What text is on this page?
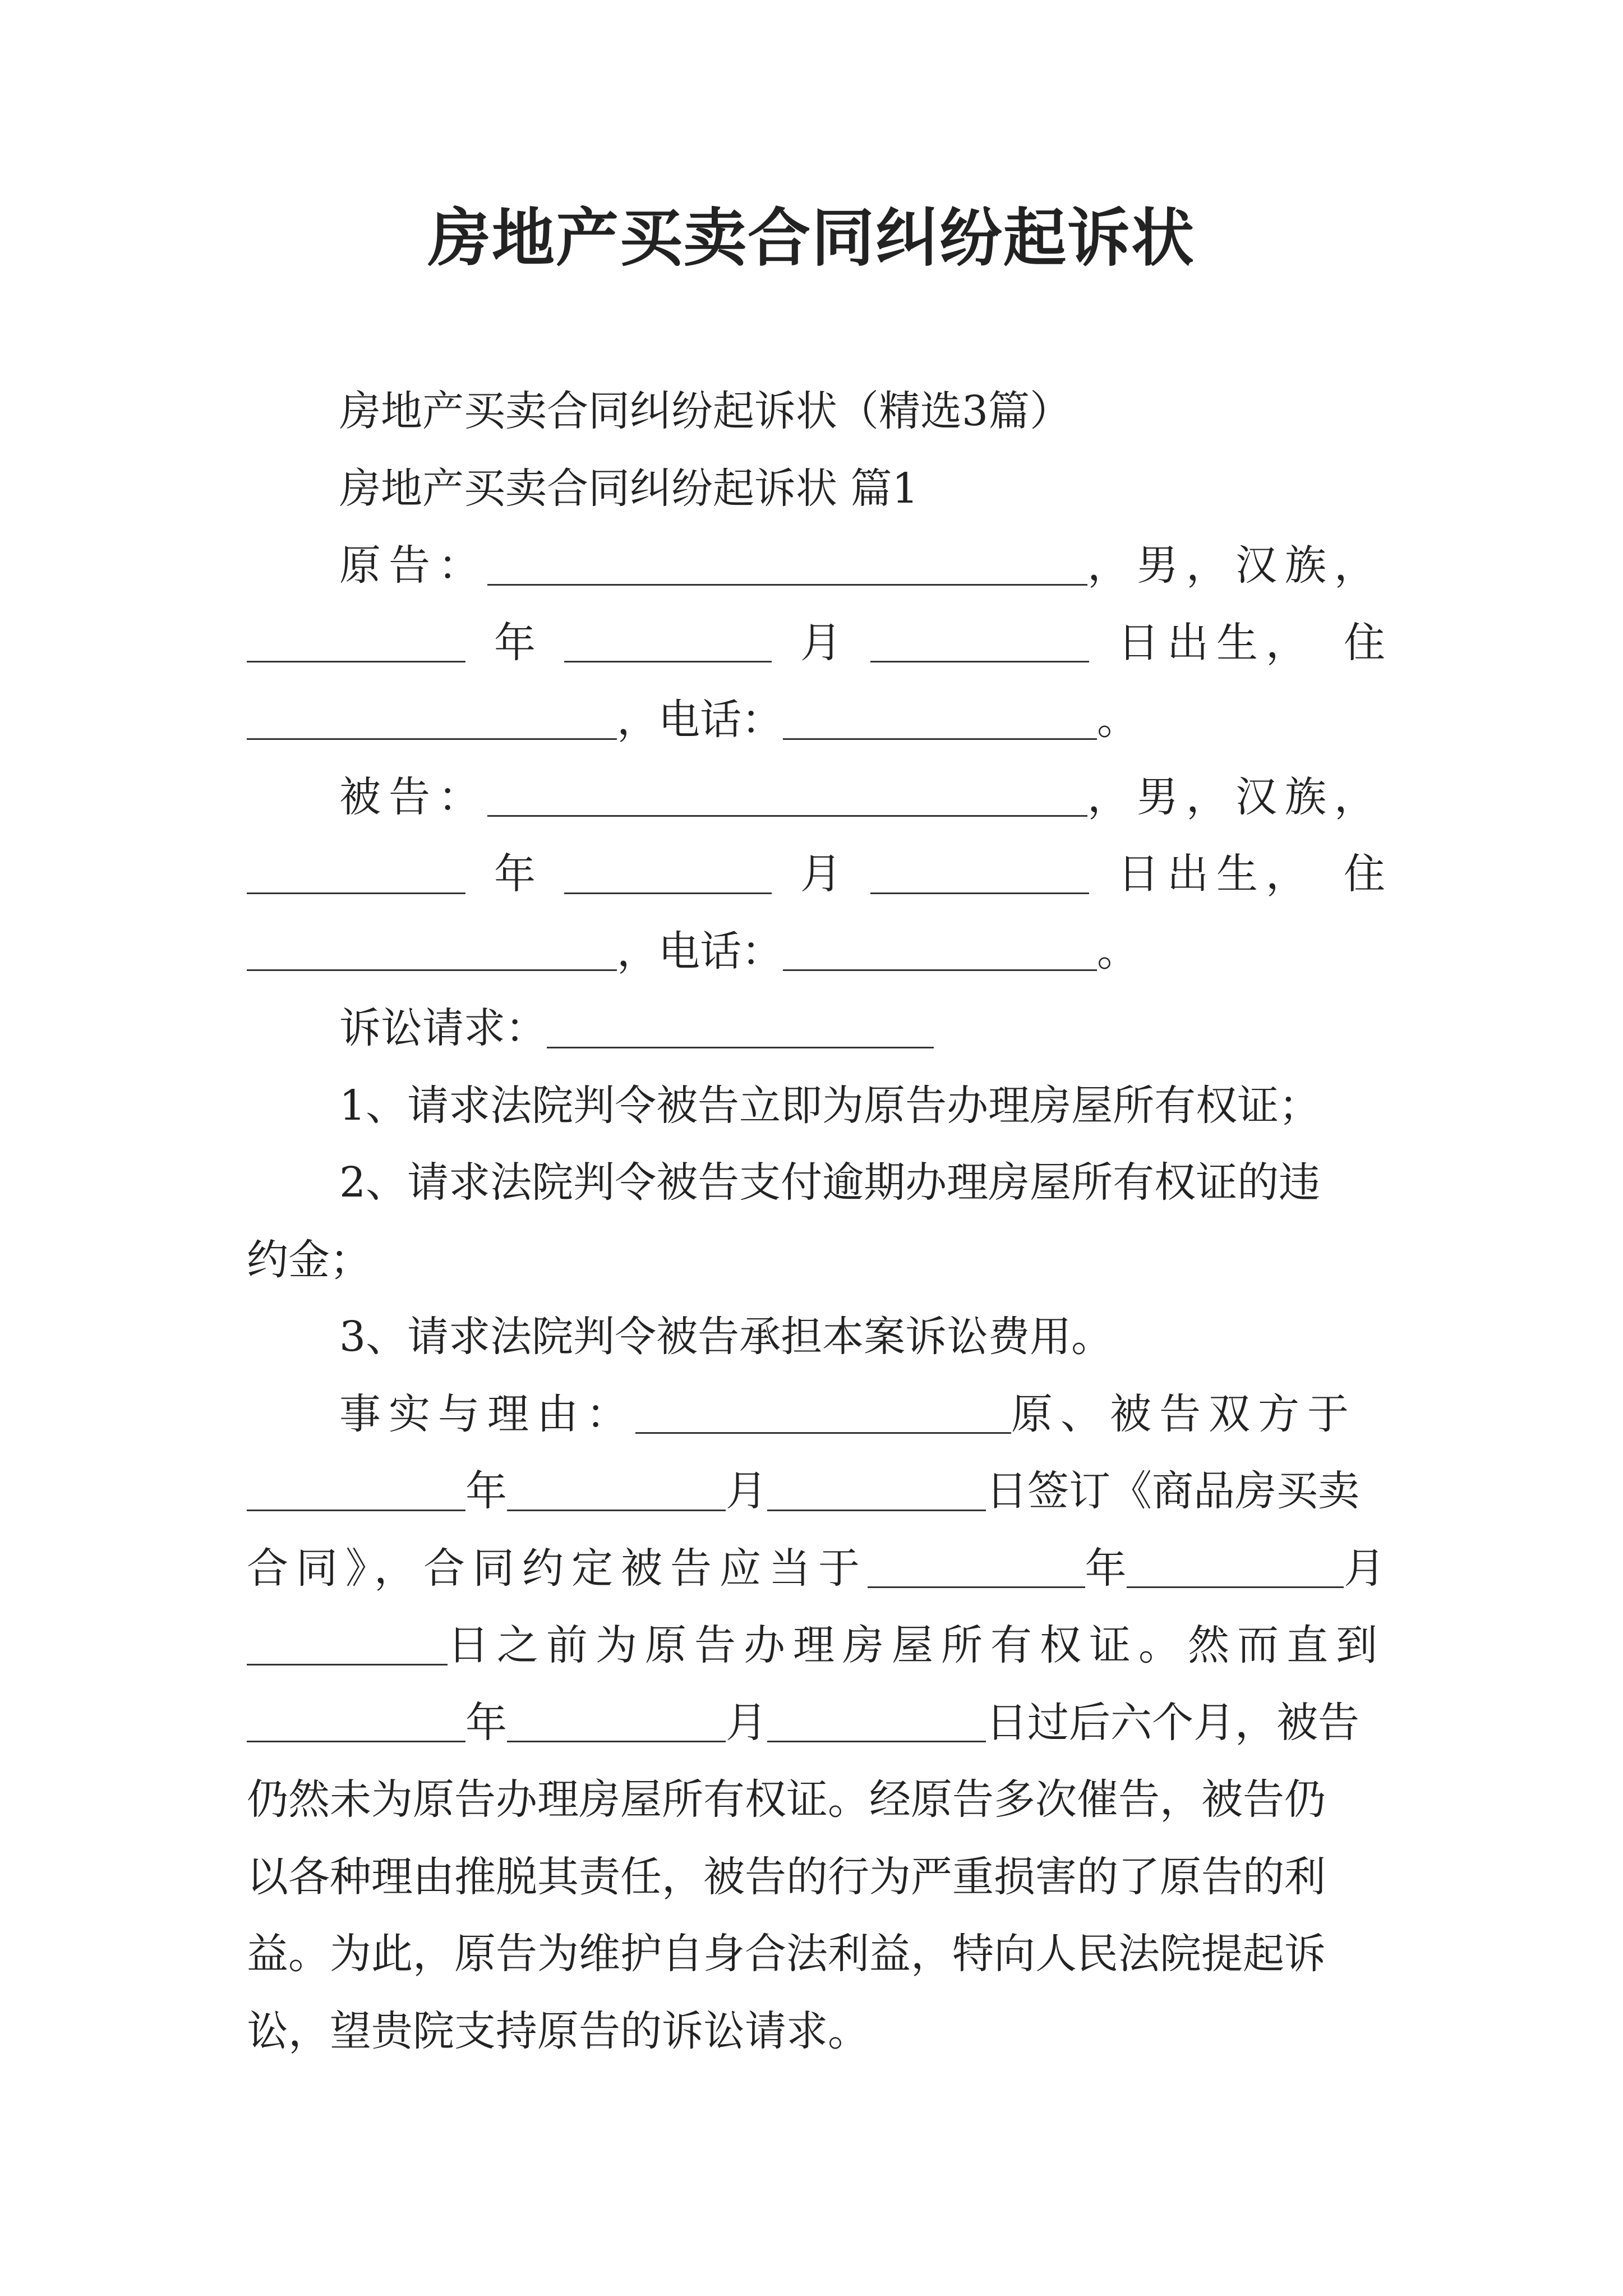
房地产买卖合同纠纷起诉状
房地产买卖合同纠纷起诉状（精选3篇）
房地产买卖合同纠纷起诉状 篇1
原告：	，男，汉族，
年	月	日出生， 住
，电话：	。
被告：	，男，汉族，
年	月	日出生， 住
，电话：	。
诉讼请求：
1、请求法院判令被告立即为原告办理房屋所有权证；
2、请求法院判令被告支付逾期办理房屋所有权证的违
约金；
3、请求法院判令被告承担本案诉讼费用。
事实与理由：	原、被告双方于
年	月	日签订《商品房买卖
合同》，合同约定被告应当于	年	月
日之前为原告办理房屋所有权证。然而直到
年	月	日过后六个月，被告
仍然未为原告办理房屋所有权证。经原告多次催告，被告仍
以各种理由推脱其责任，被告的行为严重损害的了原告的利
益。为此，原告为维护自身合法利益，特向人民法院提起诉
讼，望贵院支持原告的诉讼请求。
